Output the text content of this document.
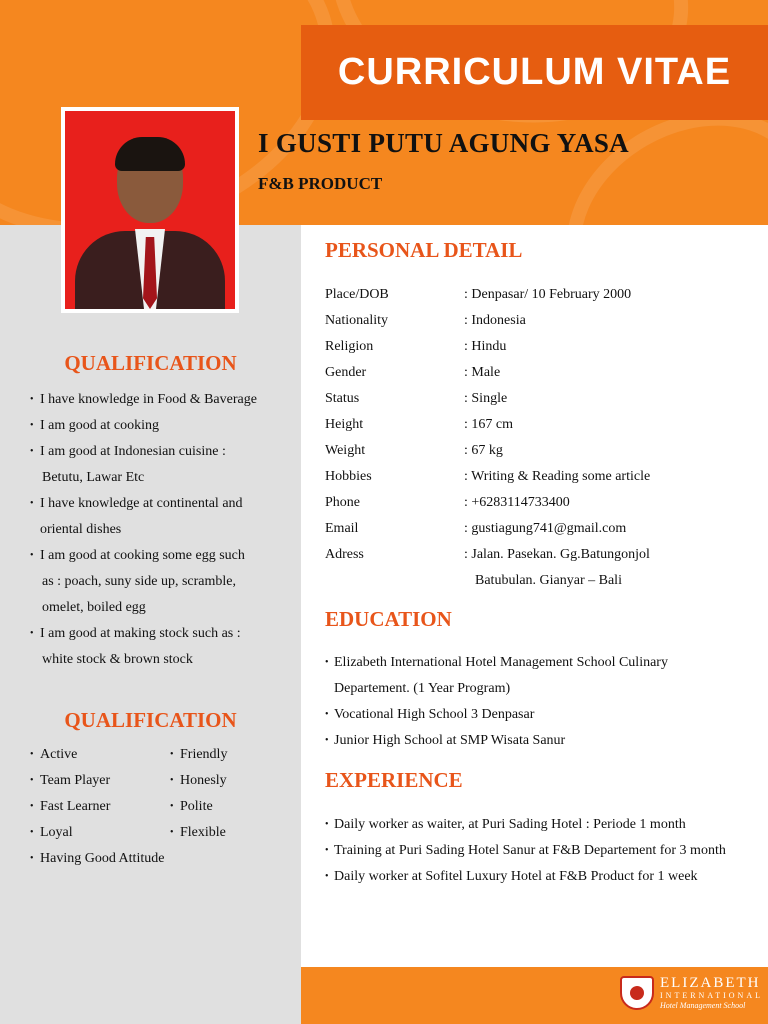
CURRICULUM VITAE
I GUSTI PUTU AGUNG YASA
F&B PRODUCT
QUALIFICATION
• I have knowledge in Food & Baverage
• I am good at cooking
• I am good at Indonesian cuisine :
Betutu, Lawar Etc
• I have knowledge at continental and
oriental dishes
• I am good at cooking some egg such
as : poach, suny side up, scramble,
omelet, boiled egg
• I am good at making stock such as :
white stock & brown stock
QUALIFICATION
• Active	• Friendly
• Team Player	• Honesly
• Fast Learner	• Polite
• Loyal	• Flexible
• Having Good Attitude
PERSONAL DETAIL
Place/DOB	: Denpasar/ 10 February 2000
Nationality	: Indonesia
Religion	: Hindu
Gender	: Male
Status	: Single
Height	: 167 cm
Weight	: 67 kg
Hobbies	: Writing & Reading some article
Phone	: +6283114733400
Email	: gustiagung741@gmail.com
Adress	: Jalan. Pasekan. Gg.Batungonjol
Batubulan. Gianyar – Bali
EDUCATION
• Elizabeth International Hotel Management School Culinary
Departement. (1 Year Program)
• Vocational High School 3 Denpasar
• Junior High School at SMP Wisata Sanur
EXPERIENCE
• Daily worker as waiter, at Puri Sading Hotel : Periode 1 month
• Training at Puri Sading Hotel Sanur at F&B Departement for 3 month
• Daily worker at Sofitel Luxury Hotel at F&B Product for 1 week
ELIZABETH
INTERNATIONAL
Hotel Management School
